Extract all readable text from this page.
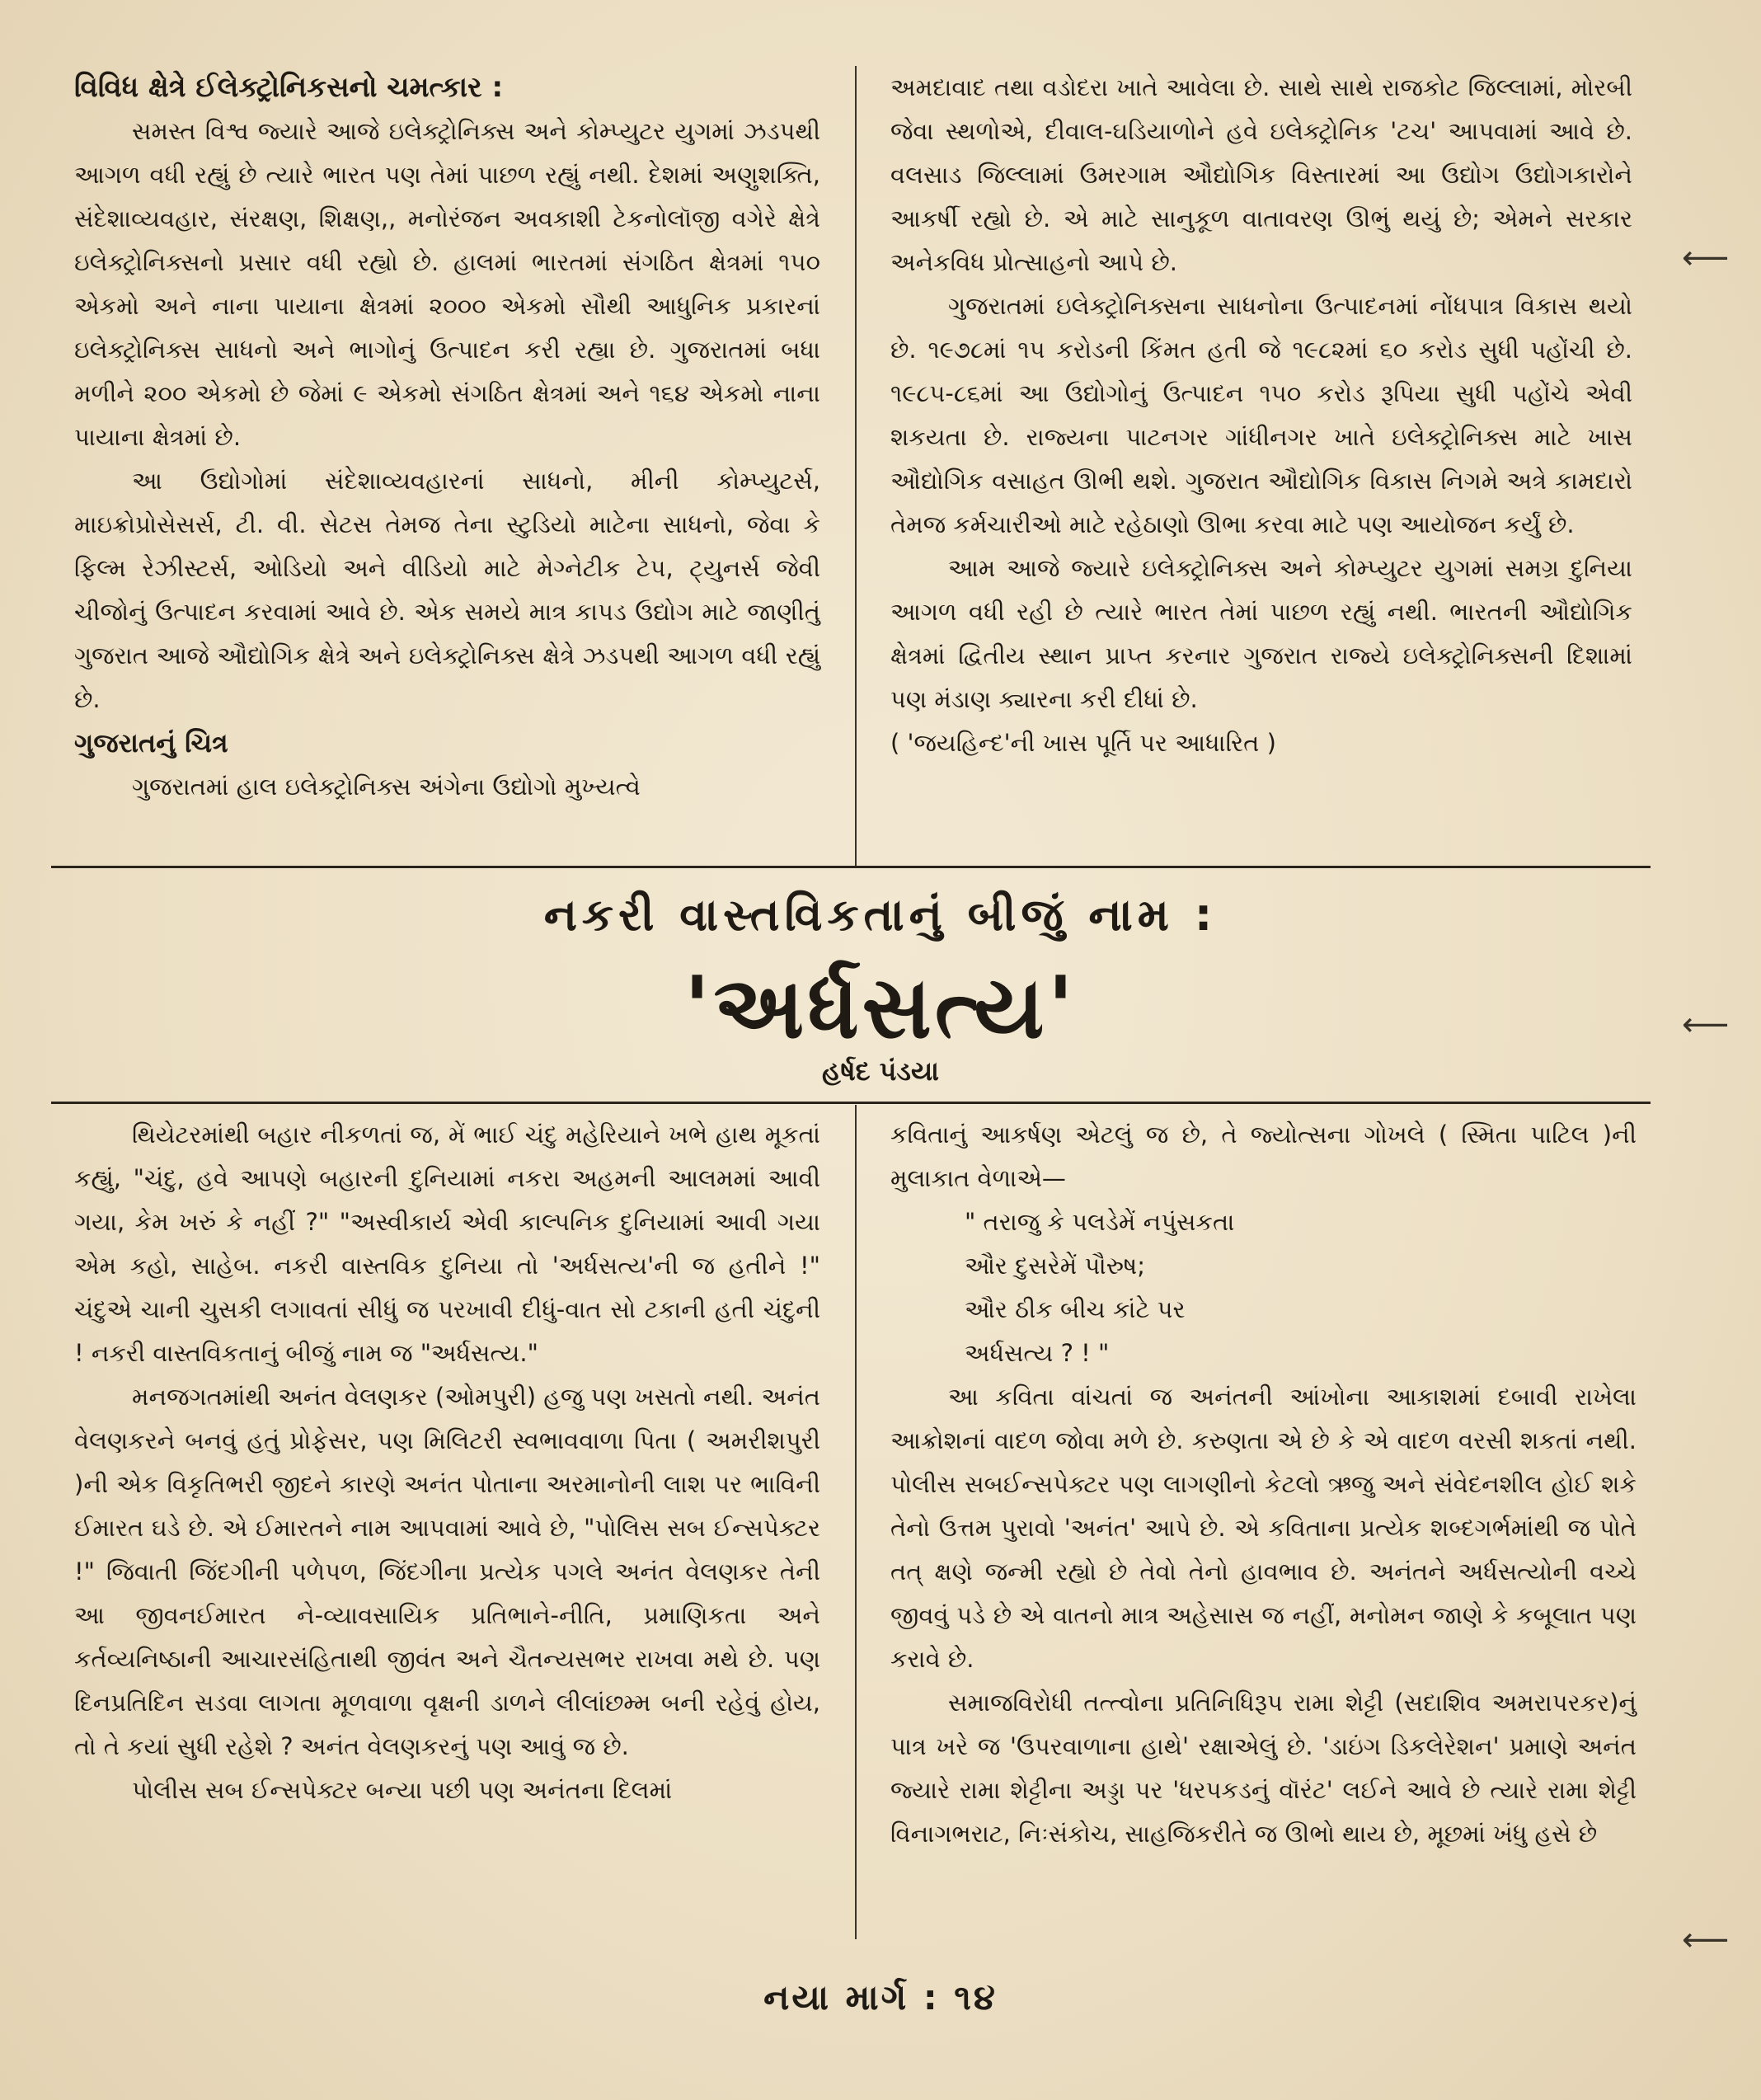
વિવિધ ક્ષેત્રે ઈલેક્ટ્રોનિકસનો ચમત્કાર :

સમસ્ત વિશ્વ જ્યારે આજે ઇલેક્ટ્રોનિક્સ અને કોમ્પ્યુટર યુગમાં ઝડપથી આગળ વધી રહ્યું છે ત્યારે ભારત પણ તેમાં પાછળ રહ્યું નથી. દેશમાં અણુશક્તિ, સંદેશાવ્યવહાર, સંરક્ષણ, શિક્ષણ,, મનોરંજન અવકાશી ટેકનોલૉજી વગેરે ક્ષેત્રે ઇલેક્ટ્રોનિક્સનો પ્રસાર વધી રહ્યો છે. હાલમાં ભારતમાં સંગઠિત ક્ષેત્રમાં ૧૫૦ એકમો અને નાના પાયાના ક્ષેત્રમાં ૨૦૦૦ એકમો સૌથી આધુનિક પ્રકારનાં ઇલેક્ટ્રોનિક્સ સાધનો અને ભાગોનું ઉત્પાદન કરી રહ્યા છે. ગુજરાતમાં બધા મળીને ૨૦૦ એકમો છે જેમાં ૯ એકમો સંગઠિત ક્ષેત્રમાં અને ૧૬૪ એકમો નાના પાયાના ક્ષેત્રમાં છે.

આ ઉદ્યોગોમાં સંદેશાવ્યવહારનાં સાધનો, મીની કોમ્પ્યુટર્સ, માઇક્રોપ્રોસેસર્સ, ટી. વી. સેટસ તેમજ તેના સ્ટુડિયો માટેના સાધનો, જેવા કે ફિલ્મ રેઝીસ્ટર્સ, ઓડિયો અને વીડિયો માટે મેગ્નેટીક ટેપ, ટ્યુનર્સ જેવી ચીજોનું ઉત્પાદન કરવામાં આવે છે. એક સમયે માત્ર કાપડ ઉદ્યોગ માટે જાણીતું ગુજરાત આજે ઔદ્યોગિક ક્ષેત્રે અને ઇલેક્ટ્રોનિક્સ ક્ષેત્રે ઝડપથી આગળ વધી રહ્યું છે.

ગુજરાતનું ચિત્ર

ગુજરાતમાં હાલ ઇલેક્ટ્રોનિક્સ અંગેના ઉદ્યોગો મુખ્યત્વે

અમદાવાદ તથા વડોદરા ખાતે આવેલા છે. સાથે સાથે રાજકોટ જિલ્લામાં, મોરબી જેવા સ્થળોએ, દીવાલ-ઘડિયાળોને હવે ઇલેક્ટ્રોનિક 'ટચ' આપવામાં આવે છે. વલસાડ જિલ્લામાં ઉમરગામ ઔદ્યોગિક વિસ્તારમાં આ ઉદ્યોગ ઉદ્યોગકારોને આકર્ષી રહ્યો છે. એ માટે સાનુકૂળ વાતાવરણ ઊભું થયું છે; એમને સરકાર અનેકવિધ પ્રોત્સાહનો આપે છે.

ગુજરાતમાં ઇલેક્ટ્રોનિક્સના સાધનોના ઉત્પાદનમાં નોંધપાત્ર વિકાસ થયો છે. ૧૯૭૮માં ૧૫ કરોડની કિંમત હતી જે ૧૯૮૨માં ૬૦ કરોડ સુધી પહોંચી છે. ૧૯૮૫-૮૬માં આ ઉદ્યોગોનું ઉત્પાદન ૧૫૦ કરોડ રૂપિયા સુધી પહોંચે એવી શકયતા છે. રાજ્યના પાટનગર ગાંધીનગર ખાતે ઇલેક્ટ્રોનિક્સ માટે ખાસ ઔદ્યોગિક વસાહત ઊભી થશે. ગુજરાત ઔદ્યોગિક વિકાસ નિગમે અત્રે કામદારો તેમજ કર્મચારીઓ માટે રહેઠાણો ઊભા કરવા માટે પણ આયોજન કર્યું છે.

આમ આજે જ્યારે ઇલેક્ટ્રોનિક્સ અને કોમ્પ્યુટર યુગમાં સમગ્ર દુનિયા આગળ વધી રહી છે ત્યારે ભારત તેમાં પાછળ રહ્યું નથી. ભારતની ઔદ્યોગિક ક્ષેત્રમાં દ્વિતીય સ્થાન પ્રાપ્ત કરનાર ગુજરાત રાજ્યે ઇલેક્ટ્રોનિક્સની દિશામાં પણ મંડાણ ક્યારના કરી દીધાં છે.

( 'જયહિન્દ'ની ખાસ પૂર્તિ પર આધારિત )

નકરી વાસ્તવિકતાનું બીજું નામ :
'અર્ધસત્ય'
હર્ષદ પંડયા

થિયેટરમાંથી બહાર નીકળતાં જ, મેં ભાઈ ચંદુ મહેરિયાને ખભે હાથ મૂકતાં કહ્યું, "ચંદુ, હવે આપણે બહારની દુનિયામાં નકરા અહમની આલમમાં આવી ગયા, કેમ ખરું કે નહીં ?" "અસ્વીકાર્ય એવી કાલ્પનિક દુનિયામાં આવી ગયા એમ કહો, સાહેબ. નકરી વાસ્તવિક દુનિયા તો 'અર્ધસત્ય'ની જ હતીને !" ચંદુએ ચાની ચુસકી લગાવતાં સીધું જ પરખાવી દીધું-વાત સો ટકાની હતી ચંદુની ! નકરી વાસ્તવિકતાનું બીજું નામ જ "અર્ધસત્ય."

મનજગતમાંથી અનંત વેલણકર (ઓમપુરી) હજુ પણ ખસતો નથી. અનંત વેલણકરને બનવું હતું પ્રોફેસર, પણ મિલિટરી સ્વભાવવાળા પિતા ( અમરીશપુરી )ની એક વિકૃતિભરી જીદને કારણે અનંત પોતાના અરમાનોની લાશ પર ભાવિની ઈમારત ઘડે છે. એ ઈમારતને નામ આપવામાં આવે છે, "પોલિસ સબ ઈન્સપેક્ટર !" જિવાતી જિંદગીની પળેપળ, જિંદગીના પ્રત્યેક પગલે અનંત વેલણકર તેની આ જીવનઈમારત ને-વ્યાવસાયિક પ્રતિભાને-નીતિ, પ્રમાણિકતા અને કર્તવ્યનિષ્ઠાની આચારસંહિતાથી જીવંત અને ચૈતન્યસભર રાખવા મથે છે. પણ દિનપ્રતિદિન સડવા લાગતા મૂળવાળા વૃક્ષની ડાળને લીલાંછમ્મ બની રહેવું હોય, તો તે કયાં સુધી રહેશે ? અનંત વેલણકરનું પણ આવું જ છે.

પોલીસ સબ ઈન્સપેક્ટર બન્યા પછી પણ અનંતના દિલમાં

કવિતાનું આકર્ષણ એટલું જ છે, તે જ્યોત્સના ગોખલે ( સ્મિતા પાટિલ )ની મુલાકાત વેળાએ—

" તરાજુ કે પલડેમેં નપુંસકતા

ઔર દુસરેમેં પૌરુષ;

ઔર ઠીક બીચ કાંટે પર

અર્ધસત્ય ? ! "

આ કવિતા વાંચતાં જ અનંતની આંખોના આકાશમાં દબાવી રાખેલા આક્રોશનાં વાદળ જોવા મળે છે. કરુણતા એ છે કે એ વાદળ વરસી શકતાં નથી. પોલીસ સબઈન્સપેક્ટર પણ લાગણીનો કેટલો ઋજુ અને સંવેદનશીલ હોઈ શકે તેનો ઉત્તમ પુરાવો 'અનંત' આપે છે. એ કવિતાના પ્રત્યેક શબ્દગર્ભમાંથી જ પોતે તત્ ક્ષણે જન્મી રહ્યો છે તેવો તેનો હાવભાવ છે. અનંતને અર્ધસત્યોની વચ્ચે જીવવું પડે છે એ વાતનો માત્ર અહેસાસ જ નહીં, મનોમન જાણે કે કબૂલાત પણ કરાવે છે.

સમાજવિરોધી તત્ત્વોના પ્રતિનિધિરૂપ રામા શેટ્ટી (સદાશિવ અમરાપરકર)નું પાત્ર ખરે જ 'ઉપરવાળાના હાથે' રક્ષાએલું છે. 'ડાઇંગ ડિકલેરેશન' પ્રમાણે અનંત જ્યારે રામા શેટ્ટીના અડ્ડા પર 'ધરપકડનું વૉરંટ' લઈને આવે છે ત્યારે રામા શેટ્ટી વિનાગભરાટ, નિઃસંકોચ, સાહજિકરીતે જ ઊભો થાય છે, મૂછમાં ખંધુ હસે છે

નયા માર્ગ : ૧૪
⟵
⟵
⟵
